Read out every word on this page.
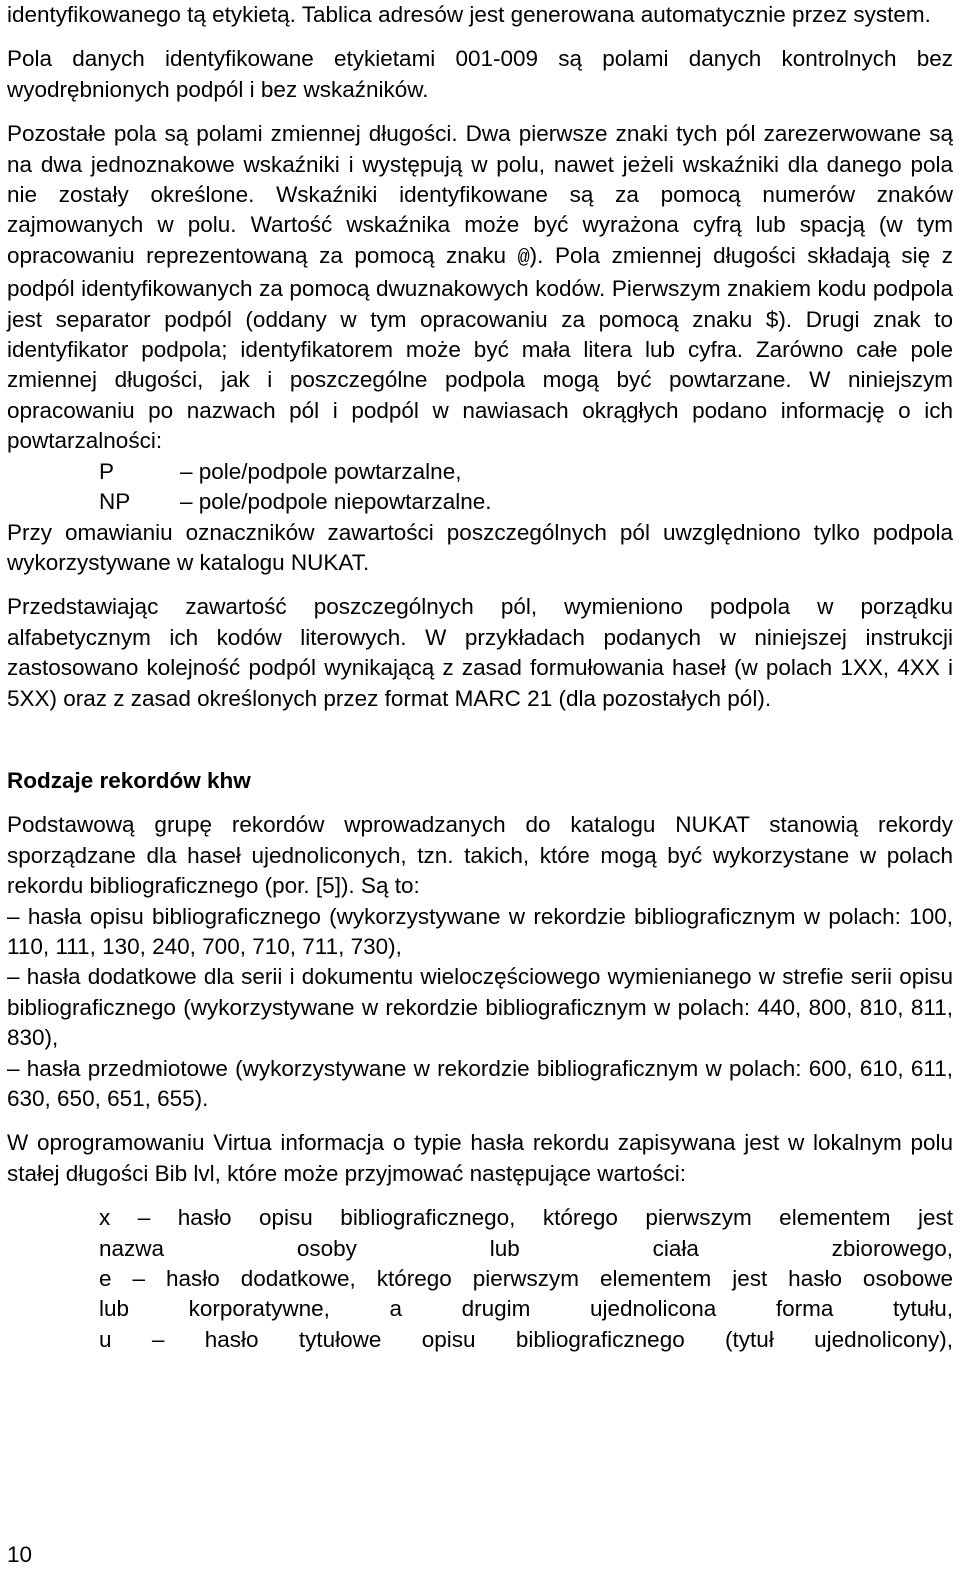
identyfikowanego tą etykietą. Tablica adresów jest generowana automatycznie przez system.

Pola danych identyfikowane etykietami 001-009 są polami danych kontrolnych bez wyodrębnionych podpól i bez wskaźników.

Pozostałe pola są polami zmiennej długości. Dwa pierwsze znaki tych pól zarezerwowane są na dwa jednoznakowe wskaźniki i występują w polu, nawet jeżeli wskaźniki dla danego pola nie zostały określone. Wskaźniki identyfikowane są za pomocą numerów znaków zajmowanych w polu. Wartość wskaźnika może być wyrażona cyfrą lub spacją (w tym opracowaniu reprezentowaną za pomocą znaku @). Pola zmiennej długości składają się z podpól identyfikowanych za pomocą dwuznakowych kodów. Pierwszym znakiem kodu podpola jest separator podpól (oddany w tym opracowaniu za pomocą znaku $). Drugi znak to identyfikator podpola; identyfikatorem może być mała litera lub cyfra. Zarówno całe pole zmiennej długości, jak i poszczególne podpola mogą być powtarzane. W niniejszym opracowaniu po nazwach pól i podpól w nawiasach okrągłych podano informację o ich powtarzalności:
P	– pole/podpole powtarzalne,
NP	– pole/podpole niepowtarzalne.

Przy omawianiu oznaczników zawartości poszczególnych pól uwzględniono tylko podpola wykorzystywane w katalogu NUKAT.

Przedstawiając zawartość poszczególnych pól, wymieniono podpola w porządku alfabetycznym ich kodów literowych. W przykładach podanych w niniejszej instrukcji zastosowano kolejność podpól wynikającą z zasad formułowania haseł (w polach 1XX, 4XX i 5XX) oraz z zasad określonych przez format MARC 21 (dla pozostałych pól).

Rodzaje rekordów khw

Podstawową grupę rekordów wprowadzanych do katalogu NUKAT stanowią rekordy sporządzane dla haseł ujednoliconych, tzn. takich, które mogą być wykorzystane w polach rekordu bibliograficznego (por. [5]). Są to:

– hasła opisu bibliograficznego (wykorzystywane w rekordzie bibliograficznym w polach: 100, 110, 111, 130, 240, 700, 710, 711, 730),

– hasła dodatkowe dla serii i dokumentu wieloczęściowego wymienianego w strefie serii opisu bibliograficznego (wykorzystywane w rekordzie bibliograficznym w polach: 440, 800, 810, 811, 830),

– hasła przedmiotowe (wykorzystywane w rekordzie bibliograficznym w polach: 600, 610, 611, 630, 650, 651, 655).

W oprogramowaniu Virtua informacja o typie hasła rekordu zapisywana jest w lokalnym polu stałej długości Bib lvl, które może przyjmować następujące wartości:

x – hasło opisu bibliograficznego, którego pierwszym elementem jest

nazwa osoby lub ciała zbiorowego,

e – hasło dodatkowe, którego pierwszym elementem jest hasło osobowe

lub korporatywne, a drugim ujednolicona forma tytułu,

u – hasło tytułowe opisu bibliograficznego (tytuł ujednolicony),

10
